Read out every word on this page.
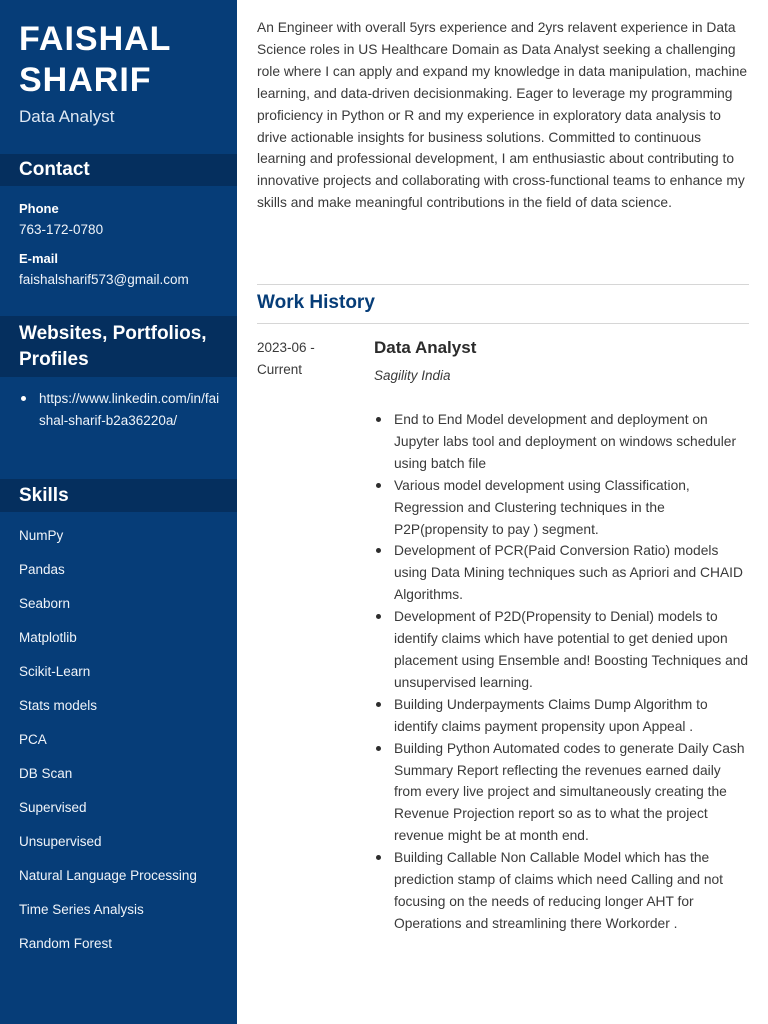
FAISHAL SHARIF
Data Analyst
Contact
Phone
763-172-0780
E-mail
faishalsharif573@gmail.com
Websites, Portfolios, Profiles
https://www.linkedin.com/in/faishal-sharif-b2a36220a/
Skills
NumPy
Pandas
Seaborn
Matplotlib
Scikit-Learn
Stats models
PCA
DB Scan
Supervised
Unsupervised
Natural Language Processing
Time Series Analysis
Random Forest

An Engineer with overall 5yrs experience and 2yrs relavent experience in Data Science roles in US Healthcare Domain as Data Analyst seeking a challenging role where I can apply and expand my knowledge in data manipulation, machine learning, and data-driven decisionmaking. Eager to leverage my programming proficiency in Python or R and my experience in exploratory data analysis to drive actionable insights for business solutions. Committed to continuous learning and professional development, I am enthusiastic about contributing to innovative projects and collaborating with cross-functional teams to enhance my skills and make meaningful contributions in the field of data science.

Work History
2023-06 - Current
Data Analyst
Sagility India
End to End Model development and deployment on Jupyter labs tool and deployment on windows scheduler using batch file
Various model development using Classification, Regression and Clustering techniques in the P2P(propensity to pay ) segment.
Development of PCR(Paid Conversion Ratio) models using Data Mining techniques such as Apriori and CHAID Algorithms.
Development of P2D(Propensity to Denial) models to identify claims which have potential to get denied upon placement using Ensemble and! Boosting Techniques and unsupervised learning.
Building Underpayments Claims Dump Algorithm to identify claims payment propensity upon Appeal .
Building Python Automated codes to generate Daily Cash Summary Report reflecting the revenues earned daily from every live project and simultaneously creating the Revenue Projection report so as to what the project revenue might be at month end.
Building Callable Non Callable Model which has the prediction stamp of claims which need Calling and not focusing on the needs of reducing longer AHT for Operations and streamlining there Workorder .
